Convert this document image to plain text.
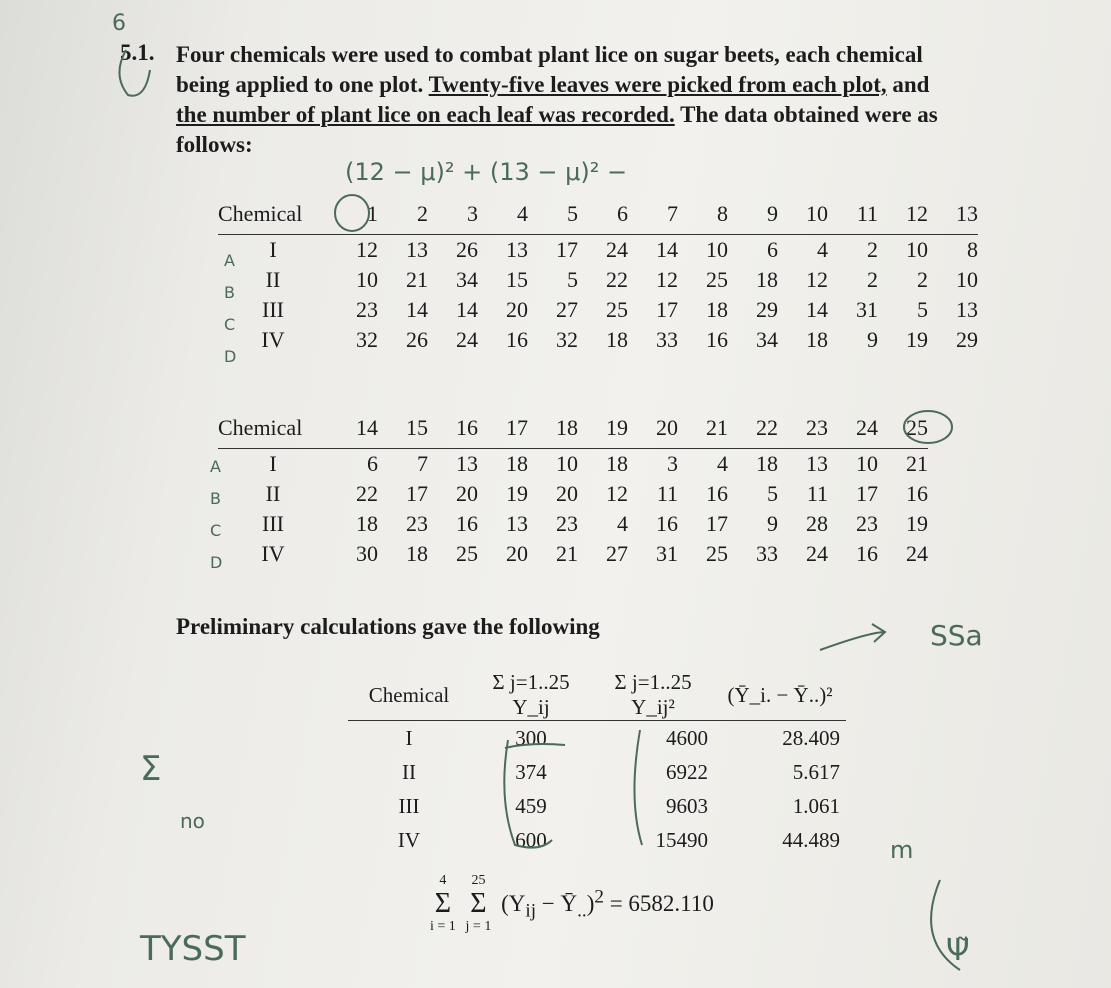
5.1. Four chemicals were used to combat plant lice on sugar beets, each chemical
being applied to one plot. Twenty-five leaves were picked from each plot, and
the number of plant lice on each leaf was recorded. The data obtained were as
follows:
Chemical	1	2	3	4	5	6	7	8	9	10	11	12	13
I	12	13	26	13	17	24	14	10	6	4	2	10	8
II	10	21	34	15	5	22	12	25	18	12	2	2	10
III	23	14	14	20	27	25	17	18	29	14	31	5	13
IV	32	26	24	16	32	18	33	16	34	18	9	19	29
Chemical	14	15	16	17	18	19	20	21	22	23	24	25
I	6	7	13	18	10	18	3	4	18	13	10	21
II	22	17	20	19	20	12	11	16	5	11	17	16
III	18	23	16	13	23	4	16	17	9	28	23	19
IV	30	18	25	20	21	27	31	25	33	24	16	24
Preliminary calculations gave the following
Chemical	Σ j=1..25 Y_ij	Σ j=1..25 Y_ij²	(Ȳ_i. − Ȳ..)²
I	300	4600	28.409
II	374	6922	5.617
III	459	9603	1.061
IV	600	15490	44.489
4
Σ
i = 1

25
Σ
j = 1
($Y_{ij}$ − $Ȳ_{..})^2 = 6582.110$
A
B
C
D
A
B
C
D
(12 − μ)² + (13 − μ)² −
SSa
Σ
no
TYSST
6
m
Ψ̃
